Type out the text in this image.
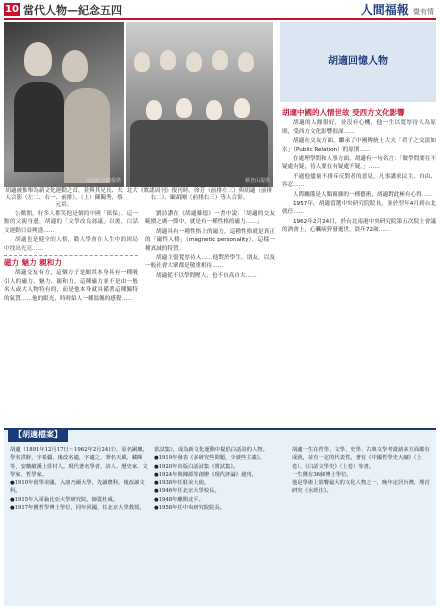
10 當代人物—紀念五四	人間福報 覺有情
胡適紀念館提供
胡適被推舉為新文化運動之首，並與其兄長、夫人合影（左二、右一、前排）。（上）陳獨秀、蔡元培。
蔡登山提供
北大《歌謠周刊》復刊時，徐芳（前排左三）與胡適（前排右二）、顧頡剛（前排右三）等人合影。
胡適回憶人物

公數開，好多人都笑他是個的中國「紙保」。這一點的父親身邊，胡適的「文學改良芻議」以後，白話文運動日益興盛……

胡適也是健全的人格，勸人學會在人生中的困局中找出光亮……

磁力 魅力 親和力

胡適交友有方，這個方子是頗其本身具有一種吸引人的磁力、魅力、親和力。這種磁力並不是由一般名人或大人物特有的，而是他本身就具備著這種獨特的氣質……他的眼光，時時給人一種溫馨的感覺……

劉詩讚在《胡適雜憶》一書中說：「胡適的交友範圍之廣一節中，就是有一種性格的磁力……」

胡適具有一種性格上的磁力，這種性格就是真正的「磁性人格」（magnetic personality），這樣一種真誠的特質。

胡適主張寬厚待人……他對於學生、朋友，以及一般社會大眾都是敬重相待……

胡適從不以學問壓人，也不自高自大……

胡適中國的人情世故 受西方文化影響

胡適的人緣很好，並沒有心機，他一生以寬厚待人為原則，受西方文化影響很深……

胡適在交友方面，繼承了中國傳統士大夫「君子之交淡如水」（Public Relation）的原則……

在處理學問和人事方面，胡適有一句名言：「做學問要在不疑處有疑，待人要在有疑處不疑。」……

不過他儘量不排斥反對者的意見，凡事講求民主、自由、容忍……

人際關係是人類複雜的一種藝術，胡適對此極有心得……

1957年，胡適當選中央研究院院長，並於翌年4月到台北就任……

1962年2月24日，於台北南港中央研究院第五次院士會議的酒會上，心臟病猝發逝世，終年72歲……

【胡適檔案】

胡適（1891年12月17日～1962年2月24日），原名嗣穈，學名洪騂，字希疆，後改名適，字適之，筆名天風、藏暉等，安徽績溪上莊村人。現代著名學者、詩人、歷史家、文學家、哲學家。

●1910年留學美國，入康乃爾大學，先讀農科，後改讀文科。

●1915年入哥倫比亞大學研究院，師從杜威。

●1917年獲哲學博士學位，同年回國，任北京大學教授。

當試集》，成為新文化運動中提倡白話詩的人物。

●1919年發表《多研究些問題，少談些主義》。

●1920年出版白話詩集《嘗試集》。

●1924年與陳源等創辦《現代評論》週刊。

●1938年任駐美大使。

●1946年任北京大學校長。

●1948年離開北平。

●1958年任中央研究院院長。

胡適一生在哲學、文學、史學、古典文學考證諸多方面都有成就，並有一定的代表性。著有《中國哲學史大綱》（上卷）、《白話文學史》（上卷）等書。

一生獲有36個博士學位。

他是學術上影響最大的文化人物之一，晚年定居台灣，埋首研究《水經注》。
